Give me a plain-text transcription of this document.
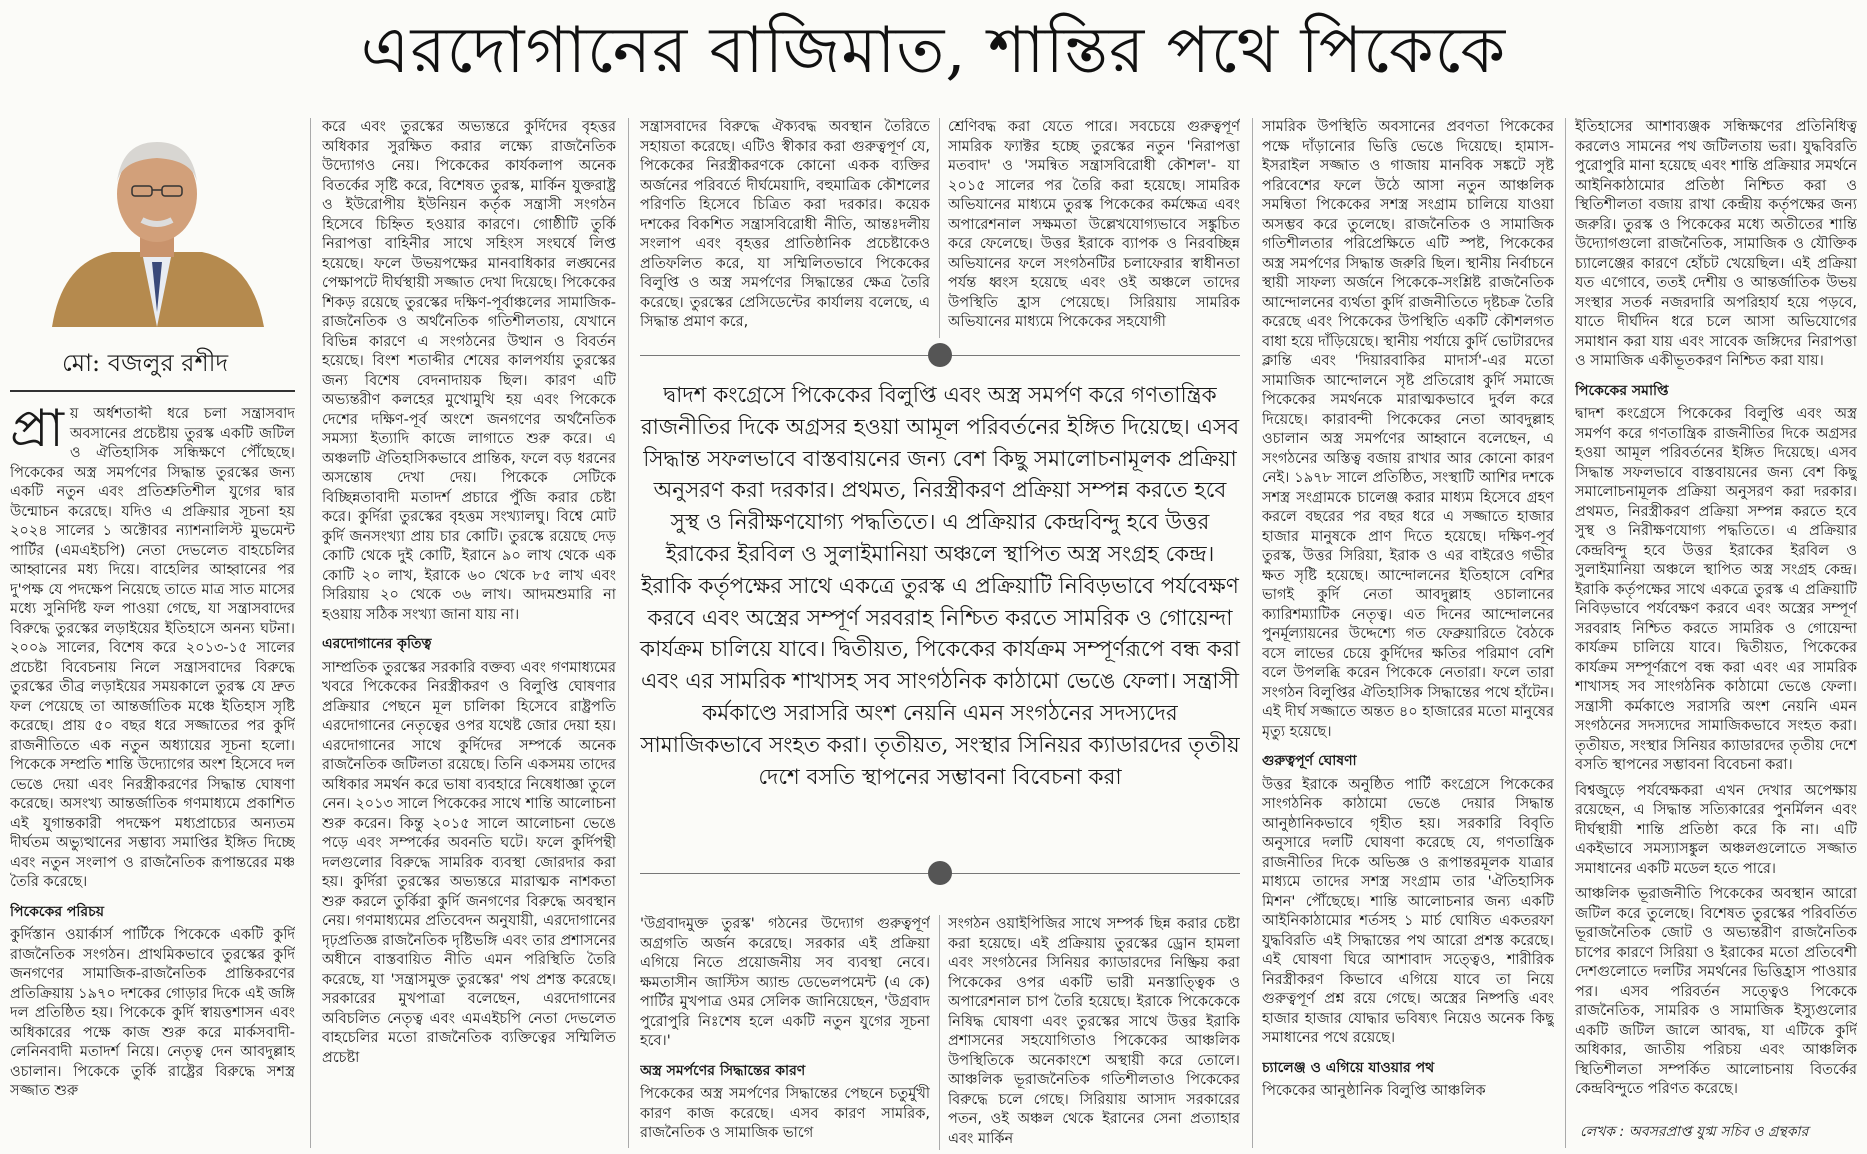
এরদোগানের বাজিমাত, শান্তির পথে পিকেকে
মো: বজলুর রশীদ

প্রা য় অর্ধশতাব্দী ধরে চলা সন্ত্রাসবাদ অবসানের প্রচেষ্টায় তুরস্ক একটি জটিল ও ঐতিহাসিক সন্ধিক্ষণে পৌঁছেছে। পিকেকের অস্ত্র সমর্পণের সিদ্ধান্ত তুরস্কের জন্য একটি নতুন এবং প্রতিশ্রুতিশীল যুগের দ্বার উন্মোচন করেছে। যদিও এ প্রক্রিয়ার সূচনা হয় ২০২৪ সালের ১ অক্টোবর ন্যাশনালিস্ট মুভমেন্ট পার্টির (এমএইচপি) নেতা দেভলেত বাহচেলির আহ্বানের মধ্য দিয়ে। বাহেলির আহ্বানের পর দু'পক্ষ যে পদক্ষেপ নিয়েছে তাতে মাত্র সাত মাসের মধ্যে সুনির্দিষ্ট ফল পাওয়া গেছে, যা সন্ত্রাসবাদের বিরুদ্ধে তুরস্কের লড়াইয়ের ইতিহাসে অনন্য ঘটনা। ২০০৯ সালের, বিশেষ করে ২০১৩-১৫ সালের প্রচেষ্টা বিবেচনায় নিলে সন্ত্রাসবাদের বিরুদ্ধে তুরস্কের তীব্র লড়াইয়ের সময়কালে তুরস্ক যে দ্রুত ফল পেয়েছে তা আন্তর্জাতিক মঞ্চে ইতিহাস সৃষ্টি করেছে। প্রায় ৫০ বছর ধরে সজ্জাতের পর কুর্দি রাজনীতিতে এক নতুন অধ্যায়ের সূচনা হলো। পিকেকে সম্প্রতি শান্তি উদ্যোগের অংশ হিসেবে দল ভেঙে দেয়া এবং নিরস্ত্রীকরণের সিদ্ধান্ত ঘোষণা করেছে। অসংখ্য আন্তর্জাতিক গণমাধ্যমে প্রকাশিত এই যুগান্তকারী পদক্ষেপ মধ্যপ্রাচ্যের অন্যতম দীর্ঘতম অভ্যুত্থানের সম্ভাব্য সমাপ্তির ইঙ্গিত দিচ্ছে এবং নতুন সংলাপ ও রাজনৈতিক রূপান্তরের মঞ্চ তৈরি করেছে।

পিকেকের পরিচয়

কুর্দিস্তান ওয়ার্কার্স পার্টিকে পিকেকে একটি কুর্দি রাজনৈতিক সংগঠন। প্রাথমিকভাবে তুরস্কের কুর্দি জনগণের সামাজিক-রাজনৈতিক প্রান্তিকরণের প্রতিক্রিয়ায় ১৯৭০ দশকের গোড়ার দিকে এই জঙ্গি দল প্রতিষ্ঠিত হয়। পিকেকে কুর্দি স্বায়ত্তশাসন এবং অধিকারের পক্ষে কাজ শুরু করে মার্কসবাদী-লেনিনবাদী মতাদর্শ নিয়ে। নেতৃত্ব দেন আবদুল্লাহ ওচালান। পিকেকে তুর্কি রাষ্ট্রের বিরুদ্ধে সশস্ত্র সজ্জাত শুরু

করে এবং তুরস্কের অভ্যন্তরে কুর্দিদের বৃহত্তর অধিকার সুরক্ষিত করার লক্ষ্যে রাজনৈতিক উদ্যোগও নেয়। পিকেকের কার্যকলাপ অনেক বিতর্কের সৃষ্টি করে, বিশেষত তুরস্ক, মার্কিন যুক্তরাষ্ট্র ও ইউরোপীয় ইউনিয়ন কর্তৃক সন্ত্রাসী সংগঠন হিসেবে চিহ্নিত হওয়ার কারণে। গোষ্ঠীটি তুর্কি নিরাপত্তা বাহিনীর সাথে সহিংস সংঘর্ষে লিপ্ত হয়েছে। ফলে উভয়পক্ষের মানবাধিকার লঙ্ঘনের পেক্ষাপটে দীর্ঘস্থায়ী সজ্জাত দেখা দিয়েছে। পিকেকের শিকড় রয়েছে তুরস্কের দক্ষিণ-পূর্বাঞ্চলের সামাজিক-রাজনৈতিক ও অর্থনৈতিক গতিশীলতায়, যেখানে বিভিন্ন কারণে এ সংগঠনের উত্থান ও বিবর্তন হয়েছে। বিংশ শতাব্দীর শেষের কালপর্যায় তুরস্কের জন্য বিশেষ বেদনাদায়ক ছিল। কারণ এটি অভ্যন্তরীণ কলহের মুখোমুখি হয় এবং পিকেকে দেশের দক্ষিণ-পূর্ব অংশে জনগণের অর্থনৈতিক সমস্যা ইত্যাদি কাজে লাগাতে শুরু করে। এ অঞ্চলটি ঐতিহাসিকভাবে প্রান্তিক, ফলে বড় ধরনের অসন্তোষ দেখা দেয়। পিকেকে সেটিকে বিচ্ছিন্নতাবাদী মতাদর্শ প্রচারে পুঁজি করার চেষ্টা করে। কুর্দিরা তুরস্কের বৃহত্তম সংখ্যালঘু। বিশ্বে মোট কুর্দি জনসংখ্যা প্রায় চার কোটি। তুরস্কে রয়েছে দেড় কোটি থেকে দুই কোটি, ইরানে ৯০ লাখ থেকে এক কোটি ২০ লাখ, ইরাকে ৬০ থেকে ৮৫ লাখ এবং সিরিয়ায় ২০ থেকে ৩৬ লাখ। আদমশুমারি না হওয়ায় সঠিক সংখ্যা জানা যায় না।

এরদোগানের কৃতিত্ব

সাম্প্রতিক তুরস্কের সরকারি বক্তব্য এবং গণমাধ্যমের খবরে পিকেকের নিরস্ত্রীকরণ ও বিলুপ্তি ঘোষণার প্রক্রিয়ার পেছনে মূল চালিকা হিসেবে রাষ্ট্রপতি এরদোগানের নেতৃত্বের ওপর যথেষ্ট জোর দেয়া হয়। এরদোগানের সাথে কুর্দিদের সম্পর্কে অনেক রাজনৈতিক জটিলতা রয়েছে। তিনি একসময় তাদের অধিকার সমর্থন করে ভাষা ব্যবহারে নিষেধাজ্ঞা তুলে নেন। ২০১৩ সালে পিকেকের সাথে শান্তি আলোচনা শুরু করেন। কিন্তু ২০১৫ সালে আলোচনা ভেঙে পড়ে এবং সম্পর্কের অবনতি ঘটে। ফলে কুর্দিপন্থী দলগুলোর বিরুদ্ধে সামরিক ব্যবস্থা জোরদার করা হয়। কুর্দিরা তুরস্কের অভ্যন্তরে মারাত্মক নাশকতা শুরু করলে তুর্কিরা কুর্দি জনগণের বিরুদ্ধে অবস্থান নেয়। গণমাধ্যমের প্রতিবেদন অনুযায়ী, এরদোগানের দৃঢ়প্রতিজ্ঞ রাজনৈতিক দৃষ্টিভঙ্গি এবং তার প্রশাসনের অধীনে বাস্তবায়িত নীতি এমন পরিস্থিতি তৈরি করেছে, যা 'সন্ত্রাসমুক্ত তুরস্কের' পথ প্রশস্ত করেছে। সরকারের মুখপাত্রা বলেছেন, এরদোগানের অবিচলিত নেতৃত্ব এবং এমএইচপি নেতা দেভলেত বাহচেলির মতো রাজনৈতিক ব্যক্তিত্বের সম্মিলিত প্রচেষ্টা

সন্ত্রাসবাদের বিরুদ্ধে ঐক্যবদ্ধ অবস্থান তৈরিতে সহায়তা করেছে। এটিও স্বীকার করা গুরুত্বপূর্ণ যে, পিকেকের নিরস্ত্রীকরণকে কোনো একক ব্যক্তির অর্জনের পরিবর্তে দীর্ঘমেয়াদি, বহুমাত্রিক কৌশলের পরিণতি হিসেবে চিত্রিত করা দরকার। কয়েক দশকের বিকশিত সন্ত্রাসবিরোধী নীতি, আন্তঃদলীয় সংলাপ এবং বৃহত্তর প্রাতিষ্ঠানিক প্রচেষ্টাকেও প্রতিফলিত করে, যা সম্মিলিতভাবে পিকেকের বিলুপ্তি ও অস্ত্র সমর্পণের সিদ্ধান্তের ক্ষেত্র তৈরি করেছে। তুরস্কের প্রেসিডেন্টের কার্যালয় বলেছে, এ সিদ্ধান্ত প্রমাণ করে,

শ্রেণিবদ্ধ করা যেতে পারে। সবচেয়ে গুরুত্বপূর্ণ সামরিক ফ্যাক্টর হচ্ছে তুরস্কের নতুন 'নিরাপত্তা মতবাদ' ও 'সমন্বিত সন্ত্রাসবিরোধী কৌশল'- যা ২০১৫ সালের পর তৈরি করা হয়েছে। সামরিক অভিযানের মাধ্যমে তুরস্ক পিকেকের কর্মক্ষেত্র এবং অপারেশনাল সক্ষমতা উল্লেখযোগ্যভাবে সঙ্কুচিত করে ফেলেছে। উত্তর ইরাকে ব্যাপক ও নিরবচ্ছিন্ন অভিযানের ফলে সংগঠনটির চলাফেরার স্বাধীনতা পর্যন্ত ধ্বংস হয়েছে এবং ওই অঞ্চলে তাদের উপস্থিতি হ্রাস পেয়েছে। সিরিয়ায় সামরিক অভিযানের মাধ্যমে পিকেকের সহযোগী

দ্বাদশ কংগ্রেসে পিকেকের বিলুপ্তি এবং অস্ত্র সমর্পণ করে গণতান্ত্রিক রাজনীতির দিকে অগ্রসর হওয়া আমূল পরিবর্তনের ইঙ্গিত দিয়েছে। এসব সিদ্ধান্ত সফলভাবে বাস্তবায়নের জন্য বেশ কিছু সমালোচনামূলক প্রক্রিয়া অনুসরণ করা দরকার। প্রথমত, নিরস্ত্রীকরণ প্রক্রিয়া সম্পন্ন করতে হবে সুস্থ ও নিরীক্ষণযোগ্য পদ্ধতিতে। এ প্রক্রিয়ার কেন্দ্রবিন্দু হবে উত্তর ইরাকের ইরবিল ও সুলাইমানিয়া অঞ্চলে স্থাপিত অস্ত্র সংগ্রহ কেন্দ্র। ইরাকি কর্তৃপক্ষের সাথে একত্রে তুরস্ক এ প্রক্রিয়াটি নিবিড়ভাবে পর্যবেক্ষণ করবে এবং অস্ত্রের সম্পূর্ণ সরবরাহ নিশ্চিত করতে সামরিক ও গোয়েন্দা কার্যক্রম চালিয়ে যাবে। দ্বিতীয়ত, পিকেকের কার্যক্রম সম্পূর্ণরূপে বন্ধ করা এবং এর সামরিক শাখাসহ সব সাংগঠনিক কাঠামো ভেঙে ফেলা। সন্ত্রাসী কর্মকাণ্ডে সরাসরি অংশ নেয়নি এমন সংগঠনের সদস্যদের সামাজিকভাবে সংহত করা। তৃতীয়ত, সংস্থার সিনিয়র ক্যাডারদের তৃতীয় দেশে বসতি স্থাপনের সম্ভাবনা বিবেচনা করা

'উগ্রবাদমুক্ত তুরস্ক' গঠনের উদ্যোগ গুরুত্বপূর্ণ অগ্রগতি অর্জন করেছে। সরকার এই প্রক্রিয়া এগিয়ে নিতে প্রয়োজনীয় সব ব্যবস্থা নেবে। ক্ষমতাসীন জাস্টিস অ্যান্ড ডেভেলপমেন্ট (এ কে) পার্টির মুখপাত্র ওমর সেলিক জানিয়েছেন, 'উগ্রবাদ পুরোপুরি নিঃশেষ হলে একটি নতুন যুগের সূচনা হবে।'

অস্ত্র সমর্পণের সিদ্ধান্তের কারণ

পিকেকের অস্ত্র সমর্পণের সিদ্ধান্তের পেছনে চতুর্মুখী কারণ কাজ করেছে। এসব কারণ সামরিক, রাজনৈতিক ও সামাজিক ভাগে

সংগঠন ওয়াইপিজির সাথে সম্পর্ক ছিন্ন করার চেষ্টা করা হয়েছে। এই প্রক্রিয়ায় তুরস্কের ড্রোন হামলা এবং সংগঠনের সিনিয়র ক্যাডারদের নিষ্ক্রিয় করা পিকেকের ওপর একটি ভারী মনস্তাত্ত্বিক ও অপারেশনাল চাপ তৈরি হয়েছে। ইরাকে পিকেকেকে নিষিদ্ধ ঘোষণা এবং তুরস্কের সাথে উত্তর ইরাকি প্রশাসনের সহযোগিতাও পিকেকের আঞ্চলিক উপস্থিতিকে অনেকাংশে অস্থায়ী করে তোলে। আঞ্চলিক ভূরাজনৈতিক গতিশীলতাও পিকেকের বিরুদ্ধে চলে গেছে। সিরিয়ায় আসাদ সরকারের পতন, ওই অঞ্চল থেকে ইরানের সেনা প্রত্যাহার এবং মার্কিন

সামরিক উপস্থিতি অবসানের প্রবণতা পিকেকের পক্ষে দাঁড়ানোর ভিত্তি ভেঙে দিয়েছে। হামাস-ইসরাইল সজ্জাত ও গাজায় মানবিক সঙ্কটে সৃষ্ট পরিবেশের ফলে উঠে আসা নতুন আঞ্চলিক সমন্বিতা পিকেকের সশস্ত্র সংগ্রাম চালিয়ে যাওয়া অসম্ভব করে তুলেছে। রাজনৈতিক ও সামাজিক গতিশীলতার পরিপ্রেক্ষিতে এটি স্পষ্ট, পিকেকের অস্ত্র সমর্পণের সিদ্ধান্ত জরুরি ছিল। স্থানীয় নির্বাচনে স্থায়ী সাফল্য অর্জনে পিকেকে-সংশ্লিষ্ট রাজনৈতিক আন্দোলনের ব্যর্থতা কুর্দি রাজনীতিতে দৃষ্টচক্র তৈরি করেছে এবং পিকেকের উপস্থিতি একটি কৌশলগত বাধা হয়ে দাঁড়িয়েছে। স্থানীয় পর্যায়ে কুর্দি ভোটারদের ক্লান্তি এবং 'দিয়ারবাকির মাদার্স'-এর মতো সামাজিক আন্দোলনে সৃষ্ট প্রতিরোধ কুর্দি সমাজে পিকেকের সমর্থনকে মারাত্মকভাবে দুর্বল করে দিয়েছে। কারাবন্দী পিকেকের নেতা আবদুল্লাহ ওচালান অস্ত্র সমর্পণের আহ্বানে বলেছেন, এ সংগঠনের অস্তিত্ব বজায় রাখার আর কোনো কারণ নেই। ১৯৭৮ সালে প্রতিষ্ঠিত, সংস্থাটি আশির দশকে সশস্ত্র সংগ্রামকে চালেঞ্জ করার মাধ্যম হিসেবে গ্রহণ করলে বছরের পর বছর ধরে এ সজ্জাতে হাজার হাজার মানুষকে প্রাণ দিতে হয়েছে। দক্ষিণ-পূর্ব তুরস্ক, উত্তর সিরিয়া, ইরাক ও এর বাইরেও গভীর ক্ষত সৃষ্টি হয়েছে। আন্দোলনের ইতিহাসে বেশির ভাগই কুর্দি নেতা আবদুল্লাহ ওচালানের ক্যারিশম্যাটিক নেতৃত্ব। এত দিনের আন্দোলনের পুনর্মূল্যায়নের উদ্দেশ্যে গত ফেব্রুয়ারিতে বৈঠকে বসে লাভের চেয়ে কুর্দিদের ক্ষতির পরিমাণ বেশি বলে উপলব্ধি করেন পিকেকে নেতারা। ফলে তারা সংগঠন বিলুপ্তির ঐতিহাসিক সিদ্ধান্তের পথে হাঁটেন। এই দীর্ঘ সজ্জাতে অন্তত ৪০ হাজারের মতো মানুষের মৃত্যু হয়েছে।

গুরুত্বপূর্ণ ঘোষণা

উত্তর ইরাকে অনুষ্ঠিত পার্টি কংগ্রেসে পিকেকের সাংগঠনিক কাঠামো ভেঙে দেয়ার সিদ্ধান্ত আনুষ্ঠানিকভাবে গৃহীত হয়। সরকারি বিবৃতি অনুসারে দলটি ঘোষণা করেছে যে, গণতান্ত্রিক রাজনীতির দিকে অভিজ্ঞ ও রূপান্তরমূলক যাত্রার মাধ্যমে তাদের সশস্ত্র সংগ্রাম তার 'ঐতিহাসিক মিশন' পৌঁছেছে। শান্তি আলোচনার জন্য একটি আইনিকাঠামোর শর্তসহ ১ মার্চ ঘোষিত একতরফা যুদ্ধবিরতি এই সিদ্ধান্তের পথ আরো প্রশস্ত করেছে। এই ঘোষণা ঘিরে আশাবাদ সত্ত্বেও, শারীরিক নিরস্ত্রীকরণ কিভাবে এগিয়ে যাবে তা নিয়ে গুরুত্বপূর্ণ প্রশ্ন রয়ে গেছে। অস্ত্রের নিষ্পত্তি এবং হাজার হাজার যোদ্ধার ভবিষ্যৎ নিয়েও অনেক কিছু সমাধানের পথে রয়েছে।

চ্যালেঞ্জ ও এগিয়ে যাওয়ার পথ

পিকেকের আনুষ্ঠানিক বিলুপ্তি আঞ্চলিক

ইতিহাসের আশাব্যঞ্জক সন্ধিক্ষণের প্রতিনিধিত্ব করলেও সামনের পথ জটিলতায় ভরা। যুদ্ধবিরতি পুরোপুরি মানা হয়েছে এবং শান্তি প্রক্রিয়ার সমর্থনে আইনিকাঠামোর প্রতিষ্ঠা নিশ্চিত করা ও স্থিতিশীলতা বজায় রাখা কেন্দ্রীয় কর্তৃপক্ষের জন্য জরুরি। তুরস্ক ও পিকেকের মধ্যে অতীতের শান্তি উদ্যোগগুলো রাজনৈতিক, সামাজিক ও যৌক্তিক চ্যালেঞ্জের কারণে হোঁচট খেয়েছিল। এই প্রক্রিয়া যত এগোবে, ততই দেশীয় ও আন্তর্জাতিক উভয় সংস্থার সতর্ক নজরদারি অপরিহার্য হয়ে পড়বে, যাতে দীর্ঘদিন ধরে চলে আসা অভিযোগের সমাধান করা যায় এবং সাবেক জঙ্গিদের নিরাপত্তা ও সামাজিক একীভূতকরণ নিশ্চিত করা যায়।

পিকেকের সমাপ্তি

দ্বাদশ কংগ্রেসে পিকেকের বিলুপ্তি এবং অস্ত্র সমর্পণ করে গণতান্ত্রিক রাজনীতির দিকে অগ্রসর হওয়া আমূল পরিবর্তনের ইঙ্গিত দিয়েছে। এসব সিদ্ধান্ত সফলভাবে বাস্তবায়নের জন্য বেশ কিছু সমালোচনামূলক প্রক্রিয়া অনুসরণ করা দরকার। প্রথমত, নিরস্ত্রীকরণ প্রক্রিয়া সম্পন্ন করতে হবে সুস্থ ও নিরীক্ষণযোগ্য পদ্ধতিতে। এ প্রক্রিয়ার কেন্দ্রবিন্দু হবে উত্তর ইরাকের ইরবিল ও সুলাইমানিয়া অঞ্চলে স্থাপিত অস্ত্র সংগ্রহ কেন্দ্র। ইরাকি কর্তৃপক্ষের সাথে একত্রে তুরস্ক এ প্রক্রিয়াটি নিবিড়ভাবে পর্যবেক্ষণ করবে এবং অস্ত্রের সম্পূর্ণ সরবরাহ নিশ্চিত করতে সামরিক ও গোয়েন্দা কার্যক্রম চালিয়ে যাবে। দ্বিতীয়ত, পিকেকের কার্যক্রম সম্পূর্ণরূপে বন্ধ করা এবং এর সামরিক শাখাসহ সব সাংগঠনিক কাঠামো ভেঙে ফেলা। সন্ত্রাসী কর্মকাণ্ডে সরাসরি অংশ নেয়নি এমন সংগঠনের সদস্যদের সামাজিকভাবে সংহত করা। তৃতীয়ত, সংস্থার সিনিয়র ক্যাডারদের তৃতীয় দেশে বসতি স্থাপনের সম্ভাবনা বিবেচনা করা।

বিশ্বজুড়ে পর্যবেক্ষকরা এখন দেখার অপেক্ষায় রয়েছেন, এ সিদ্ধান্ত সত্যিকারের পুনর্মিলন এবং দীর্ঘস্থায়ী শান্তি প্রতিষ্ঠা করে কি না। এটি একইভাবে সমস্যাসঙ্কুল অঞ্চলগুলোতে সজ্জাত সমাধানের একটি মডেল হতে পারে।

আঞ্চলিক ভূরাজনীতি পিকেকের অবস্থান আরো জটিল করে তুলেছে। বিশেষত তুরস্কের পরিবর্তিত ভূরাজনৈতিক জোট ও অভ্যন্তরীণ রাজনৈতিক চাপের কারণে সিরিয়া ও ইরাকের মতো প্রতিবেশী দেশগুলোতে দলটির সমর্থনের ভিত্তিহ্রাস পাওয়ার পর। এসব পরিবর্তন সত্ত্বেও পিকেকে রাজনৈতিক, সামরিক ও সামাজিক ইস্যুগুলোর একটি জটিল জালে আবদ্ধ, যা এটিকে কুর্দি অধিকার, জাতীয় পরিচয় এবং আঞ্চলিক স্থিতিশীলতা সম্পর্কিত আলোচনায় বিতর্কের কেন্দ্রবিন্দুতে পরিণত করেছে।

লেখক : অবসরপ্রাপ্ত যুগ্ম সচিব ও গ্রন্থকার
